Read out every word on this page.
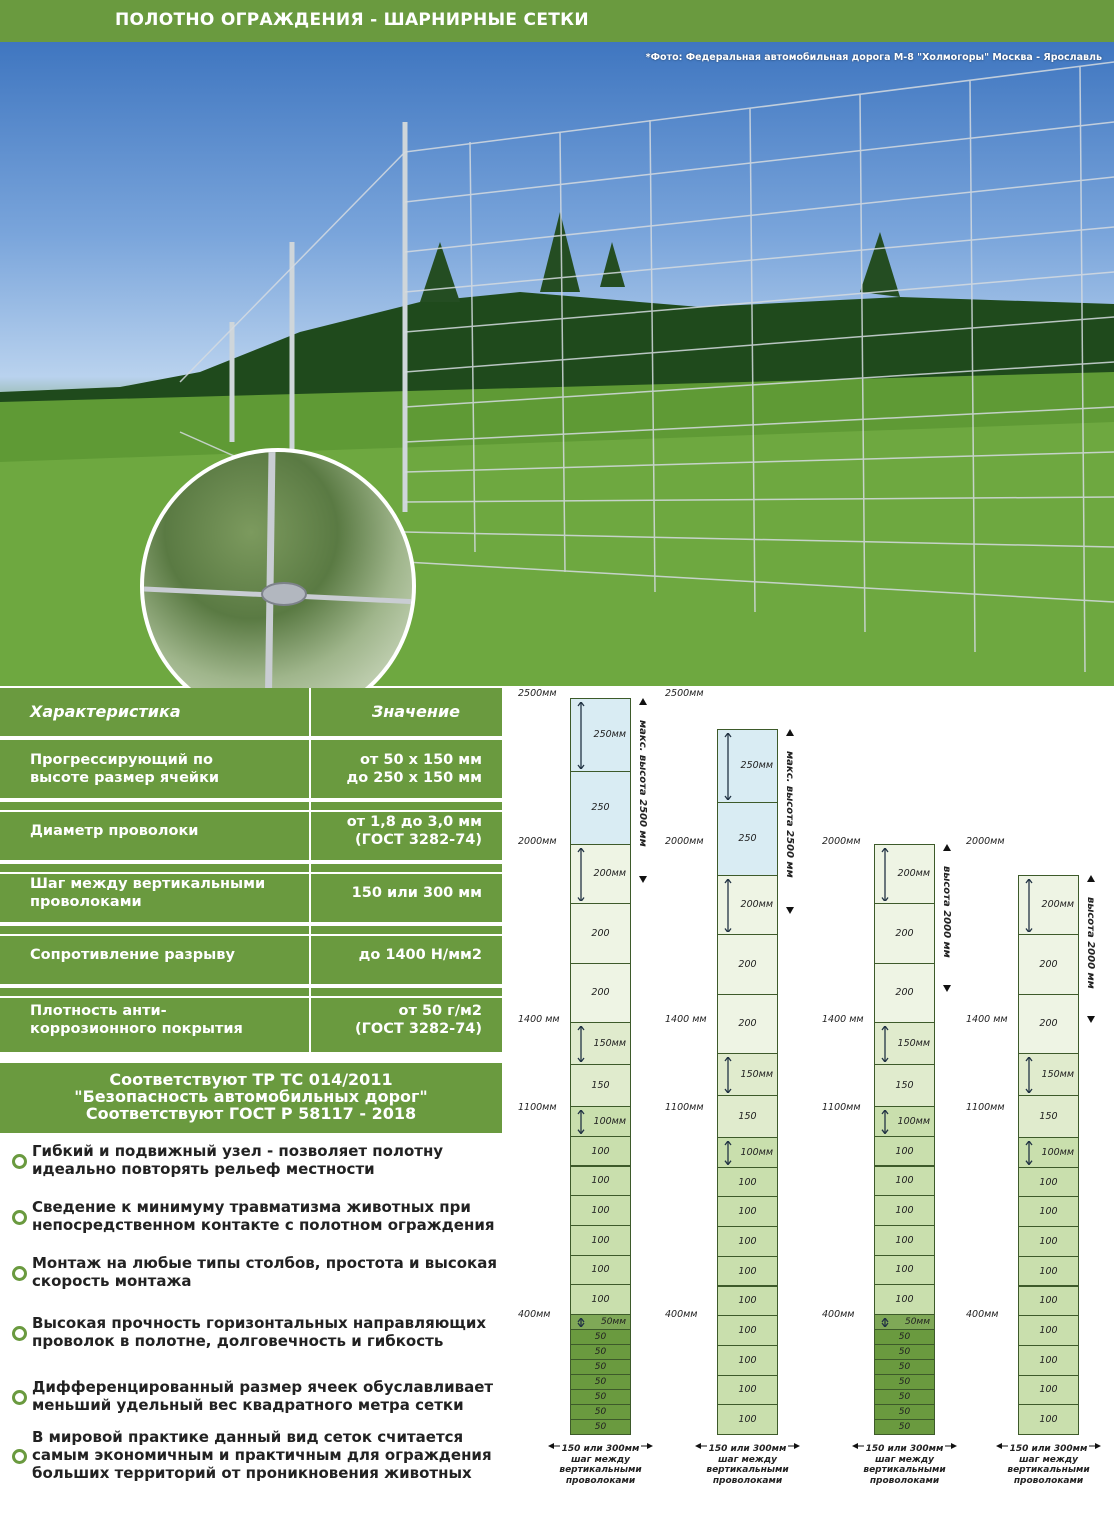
ПОЛОТНО ОГРАЖДЕНИЯ - ШАРНИРНЫЕ СЕТКИ
*Фото: Федеральная автомобильная дорога М-8 "Холмогоры" Москва - Ярославль
Характеристика	Значение
Прогрессирующий по
высоте размер ячейки
от 50 х 150 мм
до 250 х 150 мм
Диаметр проволоки
от 1,8 до 3,0 мм
(ГОСТ 3282-74)
Шаг между вертикальными
проволоками
150 или 300 мм
Сопротивление разрыву	до 1400 Н/мм2
Плотность анти-
коррозионного покрытия
от 50 г/м2
(ГОСТ 3282-74)
Соответствуют ТР ТС 014/2011
"Безопасность автомобильных дорог"
Соответствуют ГОСТ Р 58117 - 2018
Гибкий и подвижный узел - позволяет полотну
идеально повторять рельеф местности
Сведение к минимуму травматизма животных при
непосредственном контакте с полотном ограждения
Монтаж на любые типы столбов, простота и высокая
скорость монтажа
Высокая прочность горизонтальных направляющих
проволок в полотне, долговечность и гибкость
Дифференцированный размер ячеек обуславливает
меньший удельный вес квадратного метра сетки
В мировой практике данный вид сеток считается
самым экономичным и практичным для ограждения
больших территорий от проникновения животных
250мм
250
200мм
200
200
150мм
150
100мм
100
100
100
100
100
100
50мм
50
50
50
50
50
50
50
2500мм
2000мм
1400 мм
1100мм
400мм
макс. высота 2500 мм
150 или 300мм
шаг между
вертикальными
проволоками
250мм
250
200мм
200
200
150мм
150
100мм
100
100
100
100
100
100
100
100
100
2500мм
2000мм
1400 мм
1100мм
400мм
макс. высота 2500 мм
150 или 300мм
шаг между
вертикальными
проволоками
200мм
200
200
150мм
150
100мм
100
100
100
100
100
100
50мм
50
50
50
50
50
50
50
2000мм
1400 мм
1100мм
400мм
высота 2000 мм
150 или 300мм
шаг между
вертикальными
проволоками
200мм
200
200
150мм
150
100мм
100
100
100
100
100
100
100
100
100
2000мм
1400 мм
1100мм
400мм
высота 2000 мм
150 или 300мм
шаг между
вертикальными
проволоками
